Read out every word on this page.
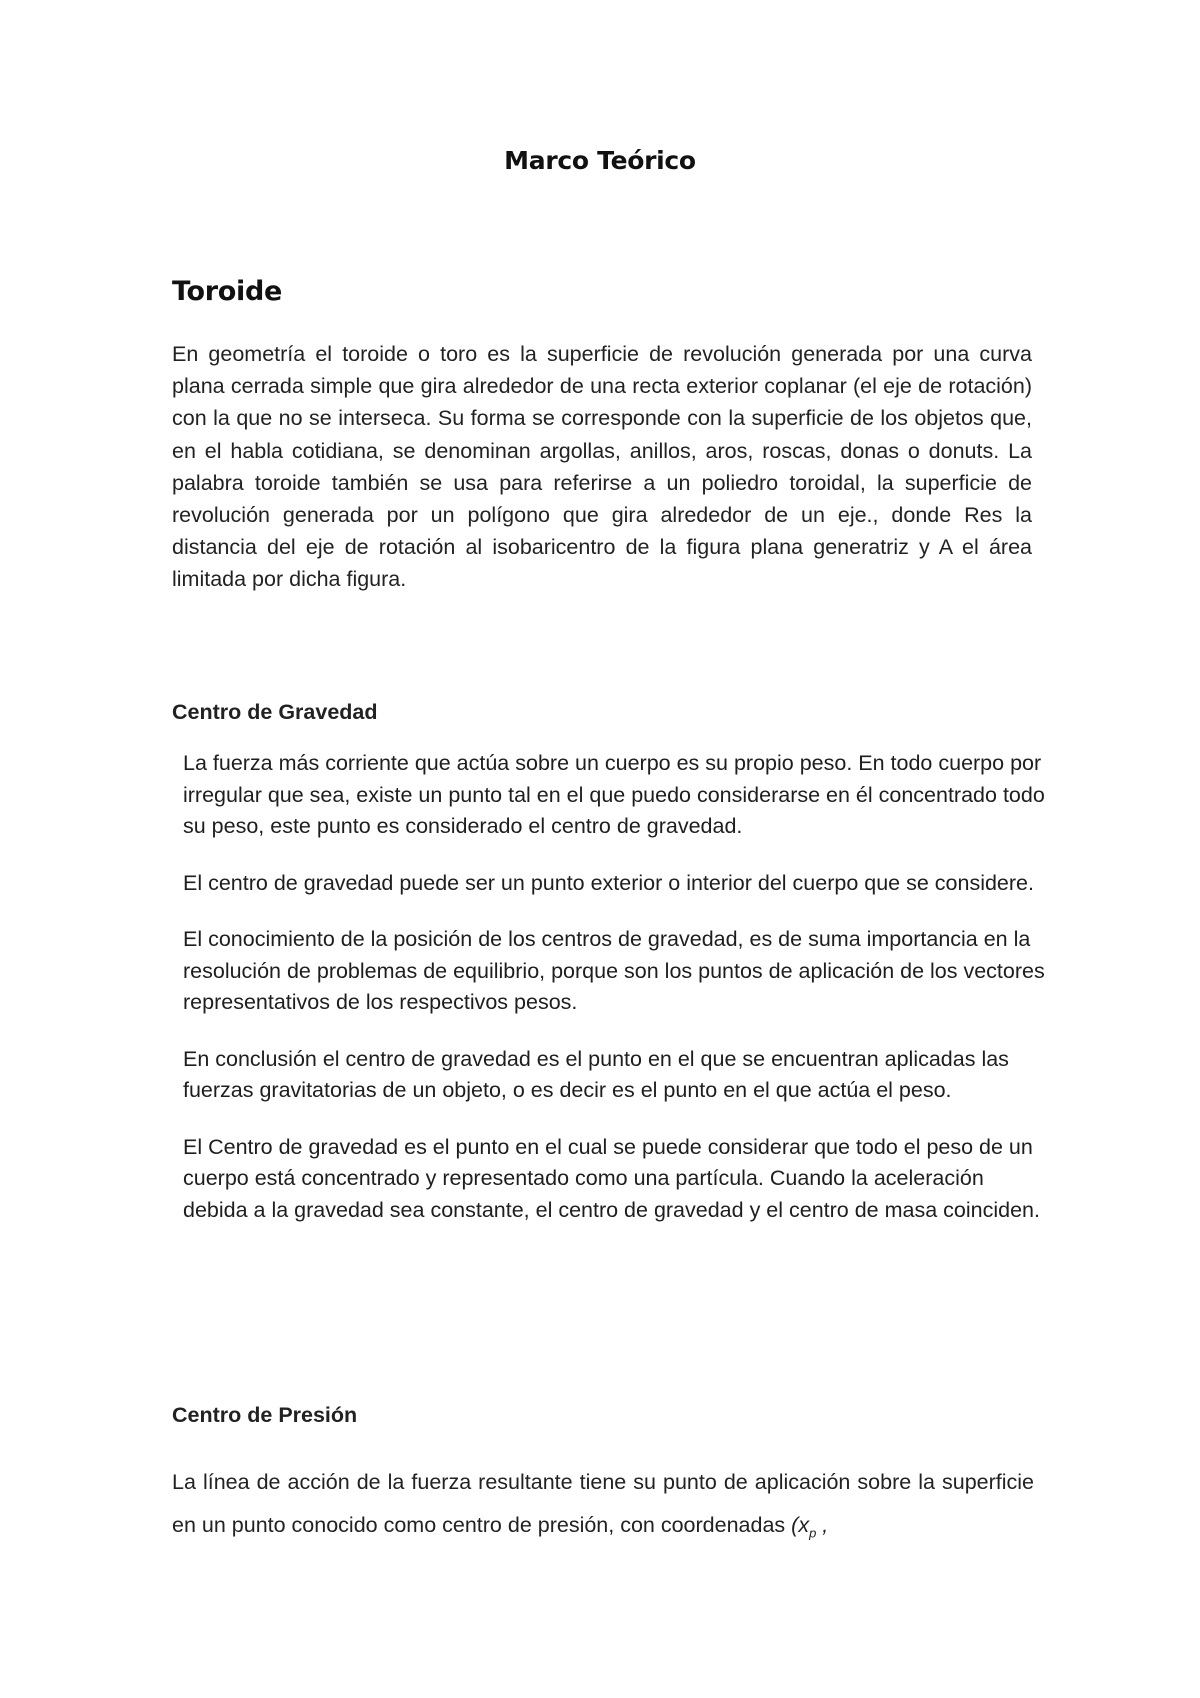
Marco Teórico
Toroide

En geometría el toroide o toro es la superficie de revolución generada por una curva plana cerrada simple que gira alrededor de una recta exterior coplanar (el eje de rotación) con la que no se interseca. Su forma se corresponde con la superficie de los objetos que, en el habla cotidiana, se denominan argollas, anillos, aros, roscas, donas o donuts. La palabra toroide también se usa para referirse a un poliedro toroidal, la superficie de revolución generada por un polígono que gira alrededor de un eje., donde Res la distancia del eje de rotación al isobaricentro de la figura plana generatriz y A el área limitada por dicha figura.

Centro de Gravedad

La fuerza más corriente que actúa sobre un cuerpo es su propio peso. En todo cuerpo por irregular que sea, existe un punto tal en el que puedo considerarse en él concentrado todo su peso, este punto es considerado el centro de gravedad.

El centro de gravedad puede ser un punto exterior o interior del cuerpo que se considere.

El conocimiento de la posición de los centros de gravedad, es de suma importancia en la resolución de problemas de equilibrio, porque son los puntos de aplicación de los vectores representativos de los respectivos pesos.

En conclusión el centro de gravedad es el punto en el que se encuentran aplicadas las fuerzas gravitatorias de un objeto, o es decir es el punto en el que actúa el peso.

El Centro de gravedad es el punto en el cual se puede considerar que todo el peso de un cuerpo está concentrado y representado como una partícula. Cuando la aceleración debida a la gravedad sea constante, el centro de gravedad y el centro de masa coinciden.

Centro de Presión

La línea de acción de la fuerza resultante tiene su punto de aplicación sobre la superficie en un punto conocido como centro de presión, con coordenadas ($x_p$ ,
